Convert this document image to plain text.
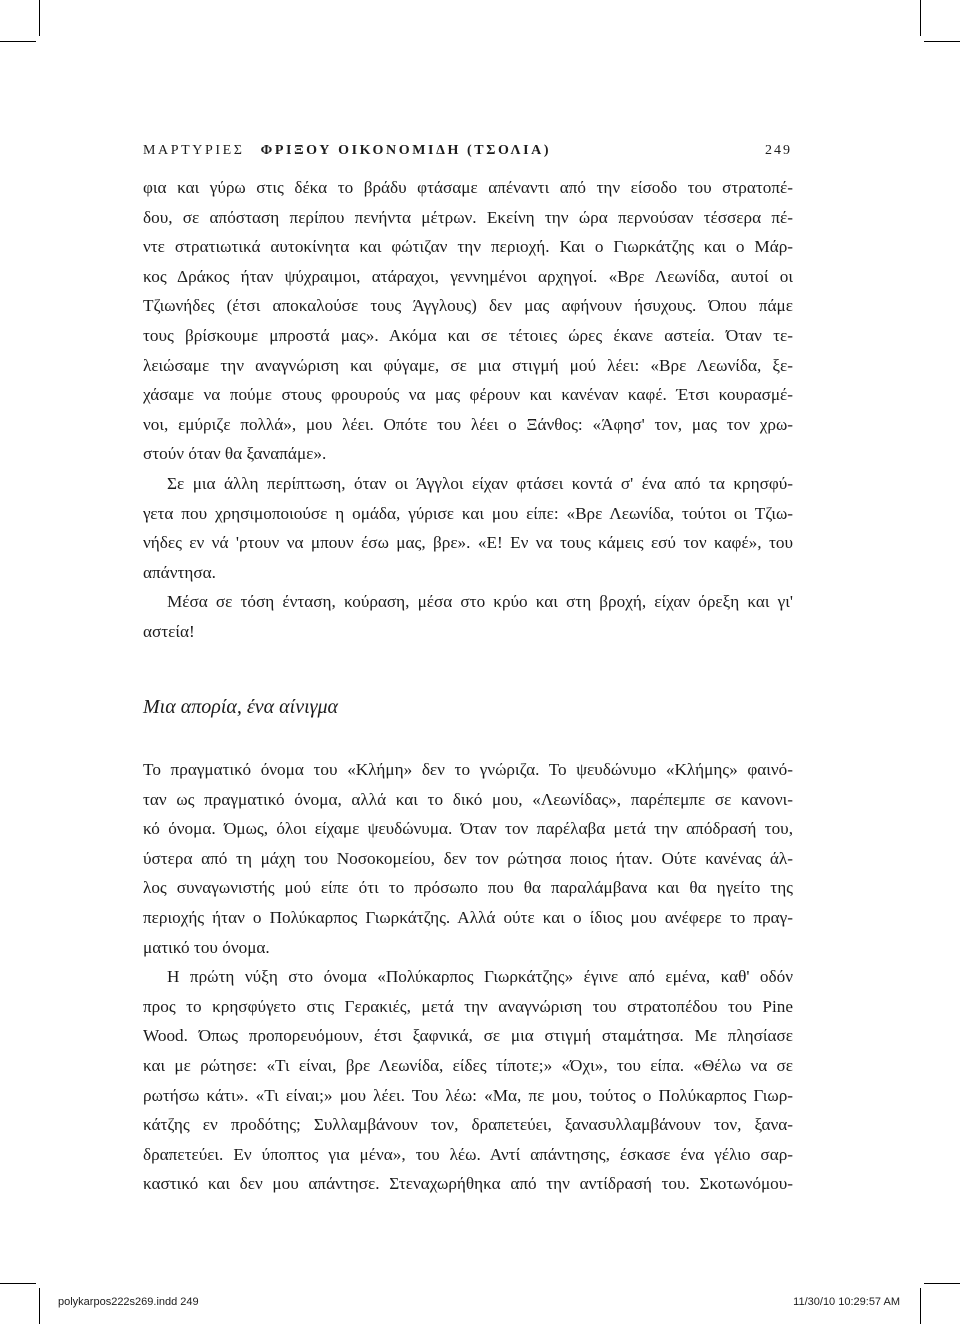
ΜΑΡΤΥΡΙΕΣ ΦΡΙΞΟΥ ΟΙΚΟΝΟΜΙΔΗ (ΤΣΟΛΙΑ)	249
φια και γύρω στις δέκα το βράδυ φτάσαμε απέναντι από την είσοδο του στρατοπέ-
δου, σε απόσταση περίπου πενήντα μέτρων. Εκείνη την ώρα περνούσαν τέσσερα πέ-
ντε στρατιωτικά αυτοκίνητα και φώτιζαν την περιοχή. Και ο Γιωρκάτζης και ο Μάρ-
κος Δράκος ήταν ψύχραιμοι, ατάραχοι, γεννημένοι αρχηγοί. «Βρε Λεωνίδα, αυτοί οι
Τζιωνήδες (έτσι αποκαλούσε τους Άγγλους) δεν μας αφήνουν ήσυχους. Όπου πάμε
τους βρίσκουμε μπροστά μας». Ακόμα και σε τέτοιες ώρες έκανε αστεία. Όταν τε-
λειώσαμε την αναγνώριση και φύγαμε, σε μια στιγμή μού λέει: «Βρε Λεωνίδα, ξε-
χάσαμε να πούμε στους φρουρούς να μας φέρουν και κανέναν καφέ. Έτσι κουρασμέ-
νοι, εμύριζε πολλά», μου λέει. Οπότε του λέει ο Ξάνθος: «Άφησ' τον, μας τον χρω-
στούν όταν θα ξαναπάμε».
Σε μια άλλη περίπτωση, όταν οι Άγγλοι είχαν φτάσει κοντά σ' ένα από τα κρησφύ-
γετα που χρησιμοποιούσε η ομάδα, γύρισε και μου είπε: «Βρε Λεωνίδα, τούτοι οι Τζιω-
νήδες εν νά 'ρτουν να μπουν έσω μας, βρε». «Ε! Εν να τους κάμεις εσύ τον καφέ», του
απάντησα.
Μέσα σε τόση ένταση, κούραση, μέσα στο κρύο και στη βροχή, είχαν όρεξη και γι'
αστεία!
Μια απορία, ένα αίνιγμα
Το πραγματικό όνομα του «Κλήμη» δεν το γνώριζα. Το ψευδώνυμο «Κλήμης» φαινό-
ταν ως πραγματικό όνομα, αλλά και το δικό μου, «Λεωνίδας», παρέπεμπε σε κανονι-
κό όνομα. Όμως, όλοι είχαμε ψευδώνυμα. Όταν τον παρέλαβα μετά την απόδρασή του,
ύστερα από τη μάχη του Νοσοκομείου, δεν τον ρώτησα ποιος ήταν. Ούτε κανένας άλ-
λος συναγωνιστής μού είπε ότι το πρόσωπο που θα παραλάμβανα και θα ηγείτο της
περιοχής ήταν ο Πολύκαρπος Γιωρκάτζης. Αλλά ούτε και ο ίδιος μου ανέφερε το πραγ-
ματικό του όνομα.
Η πρώτη νύξη στο όνομα «Πολύκαρπος Γιωρκάτζης» έγινε από εμένα, καθ' οδόν
προς το κρησφύγετο στις Γερακιές, μετά την αναγνώριση του στρατοπέδου του Pine
Wood. Όπως προπορευόμουν, έτσι ξαφνικά, σε μια στιγμή σταμάτησα. Με πλησίασε
και με ρώτησε: «Τι είναι, βρε Λεωνίδα, είδες τίποτε;» «Όχι», του είπα. «Θέλω να σε
ρωτήσω κάτι». «Τι είναι;» μου λέει. Του λέω: «Μα, πε μου, τούτος ο Πολύκαρπος Γιωρ-
κάτζης εν προδότης; Συλλαμβάνουν τον, δραπετεύει, ξανασυλλαμβάνουν τον, ξανα-
δραπετεύει. Εν ύποπτος για μένα», του λέω. Αντί απάντησης, έσκασε ένα γέλιο σαρ-
καστικό και δεν μου απάντησε. Στεναχωρήθηκα από την αντίδρασή του. Σκοτωνόμου-
polykarpos222s269.indd 249	11/30/10 10:29:57 AM
